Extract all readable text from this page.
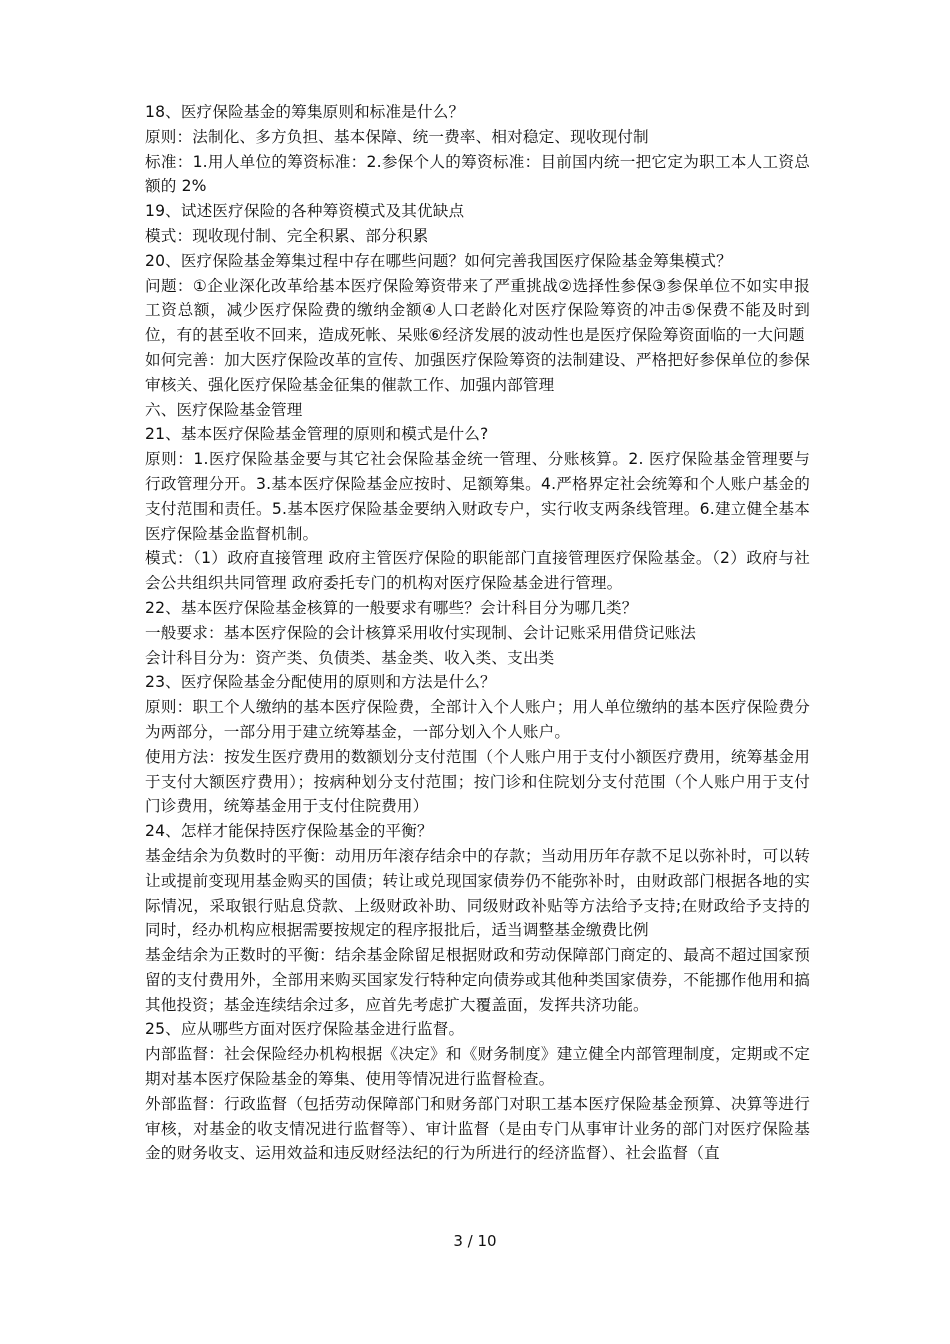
18、医疗保险基金的筹集原则和标准是什么？

原则：法制化、多方负担、基本保障、统一费率、相对稳定、现收现付制

标准：1.用人单位的筹资标准：2.参保个人的筹资标准：目前国内统一把它定为职工本人工资总额的 2%

19、试述医疗保险的各种筹资模式及其优缺点

模式：现收现付制、完全积累、部分积累

20、医疗保险基金筹集过程中存在哪些问题？如何完善我国医疗保险基金筹集模式？

问题：①企业深化改革给基本医疗保险筹资带来了严重挑战②选择性参保③参保单位不如实申报工资总额，减少医疗保险费的缴纳金额④人口老龄化对医疗保险筹资的冲击⑤保费不能及时到位，有的甚至收不回来，造成死帐、呆账⑥经济发展的波动性也是医疗保险筹资面临的一大问题

如何完善：加大医疗保险改革的宣传、加强医疗保险筹资的法制建设、严格把好参保单位的参保审核关、强化医疗保险基金征集的催款工作、加强内部管理

六、医疗保险基金管理

21、基本医疗保险基金管理的原则和模式是什么?

原则：1.医疗保险基金要与其它社会保险基金统一管理、分账核算。2. 医疗保险基金管理要与行政管理分开。3.基本医疗保险基金应按时、足额筹集。4.严格界定社会统筹和个人账户基金的支付范围和责任。5.基本医疗保险基金要纳入财政专户，实行收支两条线管理。6.建立健全基本医疗保险基金监督机制。

模式：（1）政府直接管理 政府主管医疗保险的职能部门直接管理医疗保险基金。（2）政府与社会公共组织共同管理 政府委托专门的机构对医疗保险基金进行管理。

22、基本医疗保险基金核算的一般要求有哪些？会计科目分为哪几类？

一般要求：基本医疗保险的会计核算采用收付实现制、会计记账采用借贷记账法

会计科目分为：资产类、负债类、基金类、收入类、支出类

23、医疗保险基金分配使用的原则和方法是什么？

原则：职工个人缴纳的基本医疗保险费，全部计入个人账户；用人单位缴纳的基本医疗保险费分为两部分，一部分用于建立统筹基金，一部分划入个人账户。

使用方法：按发生医疗费用的数额划分支付范围（个人账户用于支付小额医疗费用，统筹基金用于支付大额医疗费用）；按病种划分支付范围；按门诊和住院划分支付范围（个人账户用于支付门诊费用，统筹基金用于支付住院费用）

24、怎样才能保持医疗保险基金的平衡？

基金结余为负数时的平衡：动用历年滚存结余中的存款；当动用历年存款不足以弥补时，可以转让或提前变现用基金购买的国债；转让或兑现国家债券仍不能弥补时，由财政部门根据各地的实际情况，采取银行贴息贷款、上级财政补助、同级财政补贴等方法给予支持;在财政给予支持的同时，经办机构应根据需要按规定的程序报批后，适当调整基金缴费比例

基金结余为正数时的平衡：结余基金除留足根据财政和劳动保障部门商定的、最高不超过国家预留的支付费用外，全部用来购买国家发行特种定向债券或其他种类国家债券，不能挪作他用和搞其他投资；基金连续结余过多，应首先考虑扩大覆盖面，发挥共济功能。

25、应从哪些方面对医疗保险基金进行监督。

内部监督：社会保险经办机构根据《决定》和《财务制度》建立健全内部管理制度，定期或不定期对基本医疗保险基金的筹集、使用等情况进行监督检查。

外部监督：行政监督（包括劳动保障部门和财务部门对职工基本医疗保险基金预算、决算等进行审核，对基金的收支情况进行监督等）、审计监督（是由专门从事审计业务的部门对医疗保险基金的财务收支、运用效益和违反财经法纪的行为所进行的经济监督）、社会监督（直

3 / 10
